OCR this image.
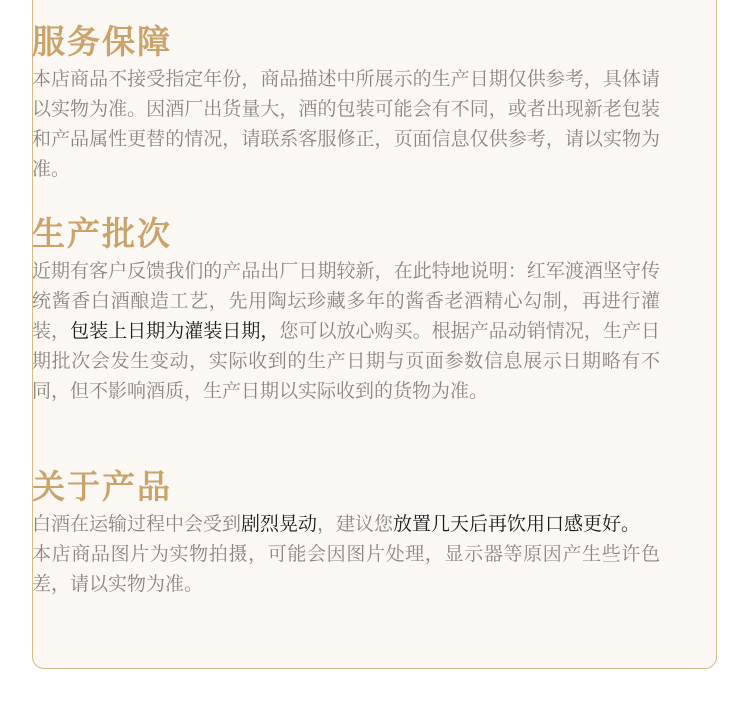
服务保障

本店商品不接受指定年份，商品描述中所展示的生产日期仅供参考，具体请以实物为准。因酒厂出货量大，酒的包装可能会有不同，或者出现新老包装和产品属性更替的情况，请联系客服修正，页面信息仅供参考，请以实物为准。

生产批次

近期有客户反馈我们的产品出厂日期较新，在此特地说明：红军渡酒坚守传统酱香白酒酿造工艺，先用陶坛珍藏多年的酱香老酒精心勾制，再进行灌装，包装上日期为灌装日期，您可以放心购买。根据产品动销情况，生产日期批次会发生变动，实际收到的生产日期与页面参数信息展示日期略有不同，但不影响酒质，生产日期以实际收到的货物为准。

关于产品

白酒在运输过程中会受到剧烈晃动，建议您放置几天后再饮用口感更好。

本店商品图片为实物拍摄，可能会因图片处理，显示器等原因产生些许色差，请以实物为准。
